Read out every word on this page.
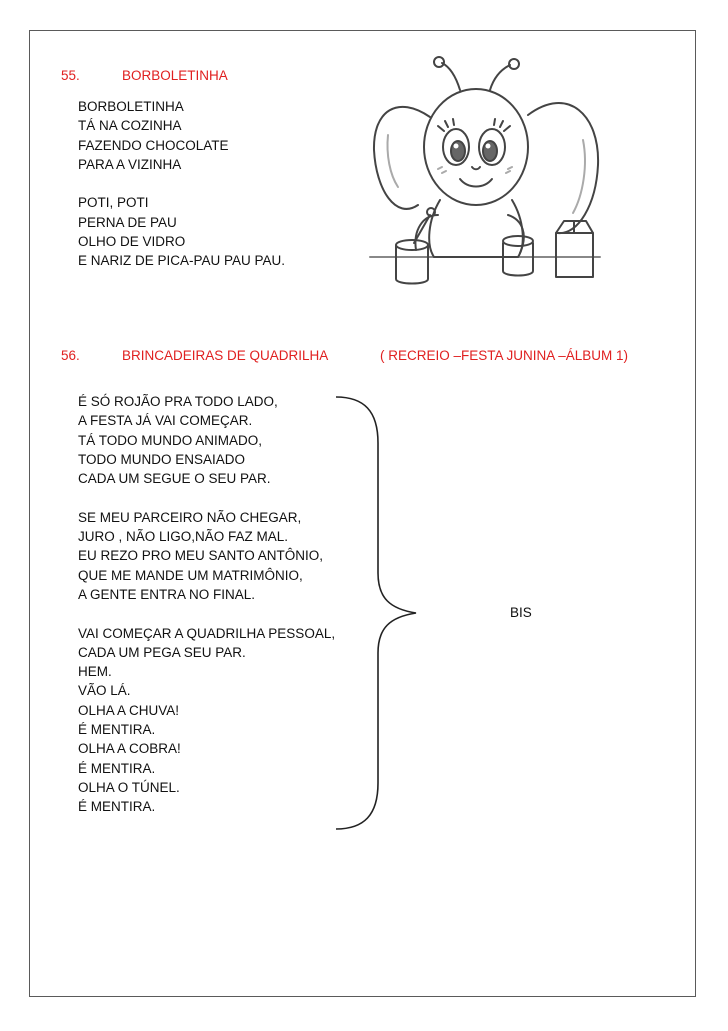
55.	BORBOLETINHA
BORBOLETINHA
TÁ NA COZINHA
FAZENDO CHOCOLATE
PARA A VIZINHA
POTI, POTI
PERNA DE PAU
OLHO DE VIDRO
E NARIZ DE PICA-PAU PAU PAU.
56.	BRINCADEIRAS DE QUADRILHA	( RECREIO –FESTA JUNINA –ÁLBUM 1)
É SÓ ROJÃO PRA TODO LADO,
A FESTA JÁ VAI COMEÇAR.
TÁ TODO MUNDO ANIMADO,
TODO MUNDO ENSAIADO
CADA UM SEGUE O SEU PAR.
SE MEU PARCEIRO NÃO CHEGAR,
JURO , NÃO LIGO,NÃO FAZ MAL.
EU REZO PRO MEU SANTO ANTÔNIO,
QUE ME MANDE UM MATRIMÔNIO,
A GENTE ENTRA NO FINAL.
VAI COMEÇAR A QUADRILHA PESSOAL,
CADA UM PEGA SEU PAR.
HEM.
VÃO LÁ.
OLHA A CHUVA!
É MENTIRA.
OLHA A COBRA!
É MENTIRA.
OLHA O TÚNEL.
É MENTIRA.
BIS
